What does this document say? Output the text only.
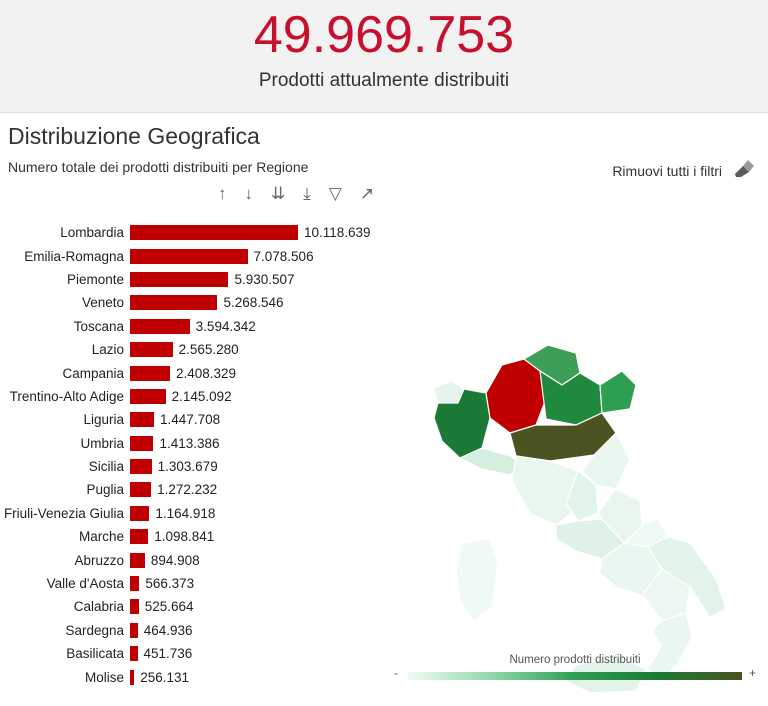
49.969.753
Prodotti attualmente distribuiti
Distribuzione Geografica
Numero totale dei prodotti distribuiti per Regione	Rimuovi tutti i filtri
↑ ↓ ⇊ ⤓ ▽ ↗
Lombardia	10.118.639
Emilia-Romagna	7.078.506
Piemonte	5.930.507
Veneto	5.268.546
Toscana	3.594.342
Lazio	2.565.280
Campania	2.408.329
Trentino-Alto Adige	2.145.092
Liguria	1.447.708
Umbria	1.413.386
Sicilia	1.303.679
Puglia	1.272.232
Friuli-Venezia Giulia	1.164.918
Marche	1.098.841
Abruzzo	894.908
Valle d'Aosta	566.373
Calabria	525.664
Sardegna	464.936
Basilicata	451.736
Molise	256.131
Numero prodotti distribuiti
-	+
